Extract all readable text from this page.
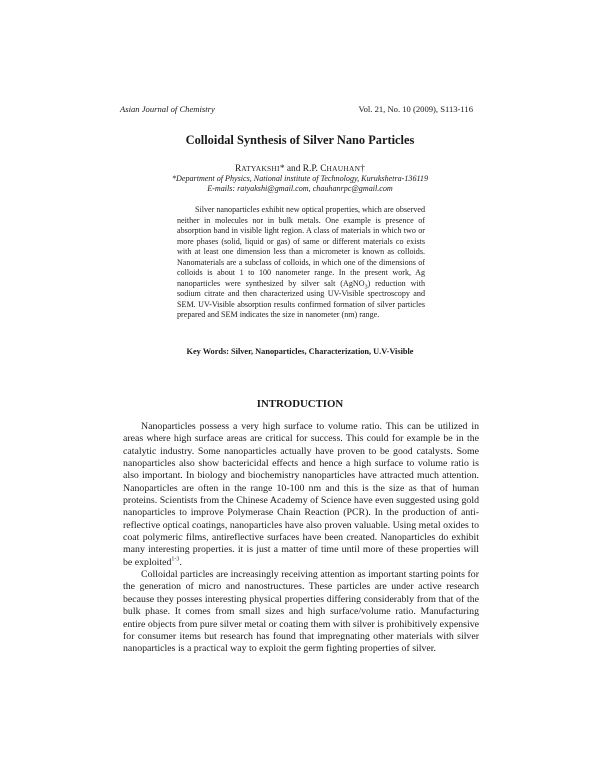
Asian Journal of Chemistry	Vol. 21, No. 10 (2009), S113-116
Colloidal Synthesis of Silver Nano Particles
RATYAKSHI* and R.P. CHAUHAN†
*Department of Physics, National institute of Technology, Kurukshetra-136119
E-mails: ratyakshi@gmail.com, chauhanrpc@gmail.com

Silver nanoparticles exhibit new optical properties, which are observed neither in molecules nor in bulk metals. One example is presence of absorption band in visible light region. A class of materials in which two or more phases (solid, liquid or gas) of same or different materials co exists with at least one dimension less than a micrometer is known as colloids. Nanomaterials are a subclass of colloids, in which one of the dimensions of colloids is about 1 to 100 nanometer range. In the present work, Ag nanoparticles were synthesized by silver salt (AgNO$_3$) reduction with sodium citrate and then characterized using UV-Visible spectroscopy and SEM. UV-Visible absorption results confirmed formation of silver particles prepared and SEM indicates the size in nanometer (nm) range.

Key Words: Silver, Nanoparticles, Characterization, U.V-Visible
INTRODUCTION

Nanoparticles possess a very high surface to volume ratio. This can be utilized in areas where high surface areas are critical for success. This could for example be in the catalytic industry. Some nanoparticles actually have proven to be good catalysts. Some nanoparticles also show bactericidal effects and hence a high surface to volume ratio is also important. In biology and biochemistry nanoparticles have attracted much attention. Nanoparticles are often in the range 10-100 nm and this is the size as that of human proteins. Scientists from the Chinese Academy of Science have even suggested using gold nanoparticles to improve Polymerase Chain Reaction (PCR). In the production of anti-reflective optical coatings, nanoparticles have also proven valuable. Using metal oxides to coat polymeric films, antireflective surfaces have been created. Nanoparticles do exhibit many interesting properties. it is just a matter of time until more of these properties will be exploited$^{1-3}$.

Colloidal particles are increasingly receiving attention as important starting points for the generation of micro and nanostructures. These particles are under active research because they posses interesting physical properties differing considerably from that of the bulk phase. It comes from small sizes and high surface/volume ratio. Manufacturing entire objects from pure silver metal or coating them with silver is prohibitively expensive for consumer items but research has found that impregnating other materials with silver nanoparticles is a practical way to exploit the germ fighting properties of silver.
